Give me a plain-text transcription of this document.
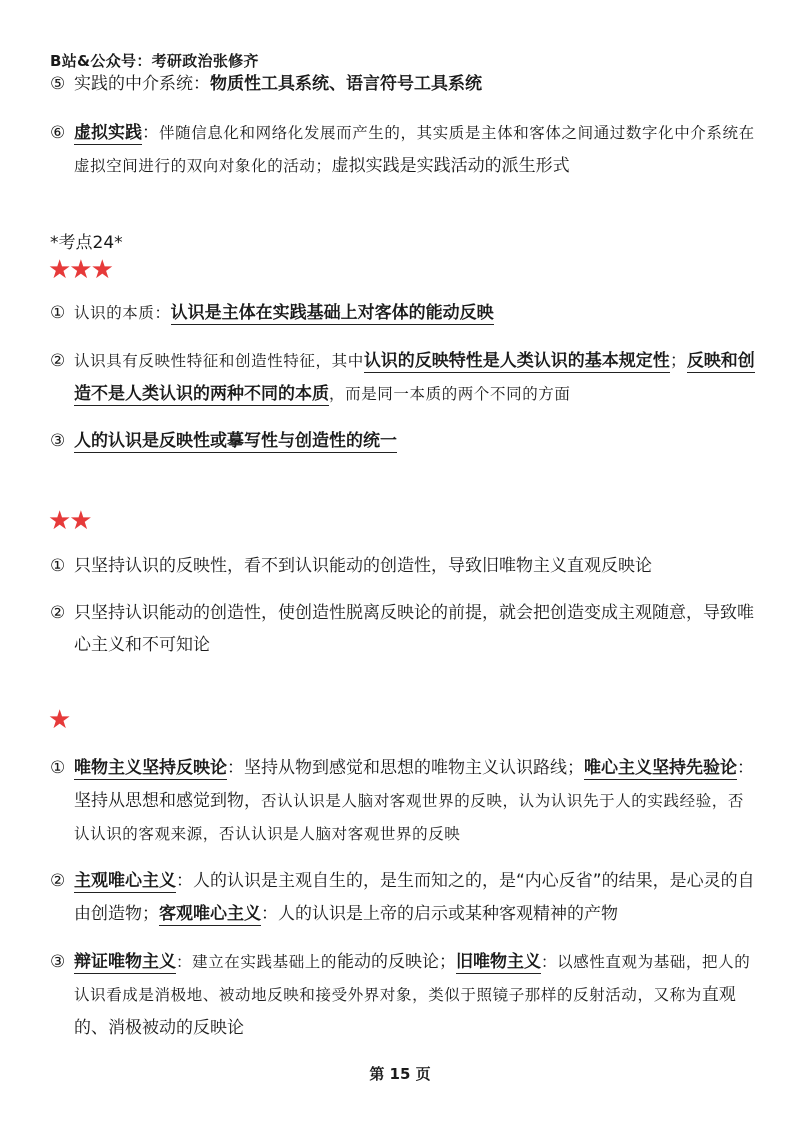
B站&公众号：考研政治张修齐
⑤ 实践的中介系统：物质性工具系统、语言符号工具系统
⑥ 虚拟实践：伴随信息化和网络化发展而产生的，其实质是主体和客体之间通过数字化中介系统在虚拟空间进行的双向对象化的活动；虚拟实践是实践活动的派生形式
*考点24*
★★★
① 认识的本质：认识是主体在实践基础上对客体的能动反映
② 认识具有反映性特征和创造性特征，其中认识的反映特性是人类认识的基本规定性；反映和创造不是人类认识的两种不同的本质，而是同一本质的两个不同的方面
③ 人的认识是反映性或摹写性与创造性的统一
★★
① 只坚持认识的反映性，看不到认识能动的创造性，导致旧唯物主义直观反映论
② 只坚持认识能动的创造性，使创造性脱离反映论的前提，就会把创造变成主观随意，导致唯心主义和不可知论
★
① 唯物主义坚持反映论：坚持从物到感觉和思想的唯物主义认识路线；唯心主义坚持先验论：坚持从思想和感觉到物，否认认识是人脑对客观世界的反映，认为认识先于人的实践经验，否认认识的客观来源，否认认识是人脑对客观世界的反映
② 主观唯心主义：人的认识是主观自生的，是生而知之的，是“内心反省”的结果，是心灵的自由创造物；客观唯心主义：人的认识是上帝的启示或某种客观精神的产物
③ 辩证唯物主义：建立在实践基础上的能动的反映论；旧唯物主义：以感性直观为基础，把人的认识看成是消极地、被动地反映和接受外界对象，类似于照镜子那样的反射活动，又称为直观的、消极被动的反映论
第 15 页
